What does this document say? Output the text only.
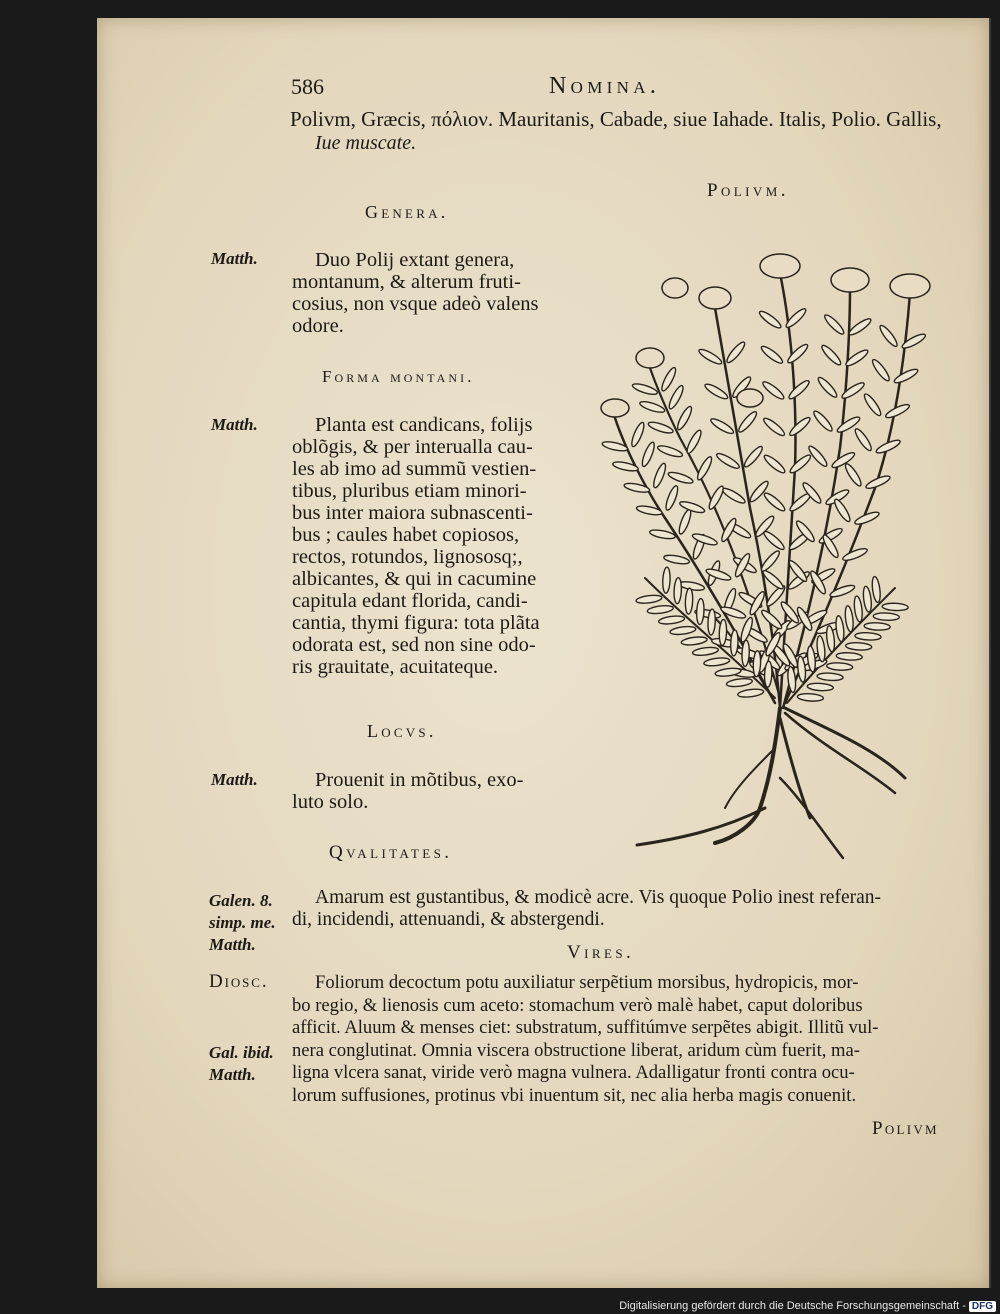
586	Nomina.
Polivm, Græcis, πόλιον. Mauritanis, Cabade, siue Iahade. Italis, Polio. Gallis,
Iue muscate.
Polivm.
Genera.
Matth.	Duo Polij extant genera,
montanum, & alterum fruti-
cosius, non vsque adeò valens
odore.
Forma montani.
Matth.	Planta est candicans, folijs
oblõgis, & per interualla cau-
les ab imo ad summũ vestien-
tibus, pluribus etiam minori-
bus inter maiora subnascenti-
bus ; caules habet copiosos,
rectos, rotundos, lignososq;,
albicantes, & qui in cacumine
capitula edant florida, candi-
cantia, thymi figura: tota plãta
odorata est, sed non sine odo-
ris grauitate, acuitateque.
Locvs.
Matth.	Prouenit in mõtibus, exo-
luto solo.
Qvalitates.
Galen. 8.
simp. me.
Matth.
Amarum est gustantibus, & modicè acre. Vis quoque Polio inest referan-
di, incidendi, attenuandi, & abstergendi.
Vires.
Diosc.
Gal. ibid.
Matth.
Foliorum decoctum potu auxiliatur serpẽtium morsibus, hydropicis, mor-
bo regio, & lienosis cum aceto: stomachum verò malè habet, caput doloribus
afficit. Aluum & menses ciet: substratum, suffitúmve serpẽtes abigit. Illitũ vul-
nera conglutinat. Omnia viscera obstructione liberat, aridum cùm fuerit, ma-
ligna vlcera sanat, viride verò magna vulnera. Adalligatur fronti contra ocu-
lorum suffusiones, protinus vbi inuentum sit, nec alia herba magis conuenit.
Polivm
Digitalisierung gefördert durch die Deutsche Forschungsgemeinschaft - DFG
